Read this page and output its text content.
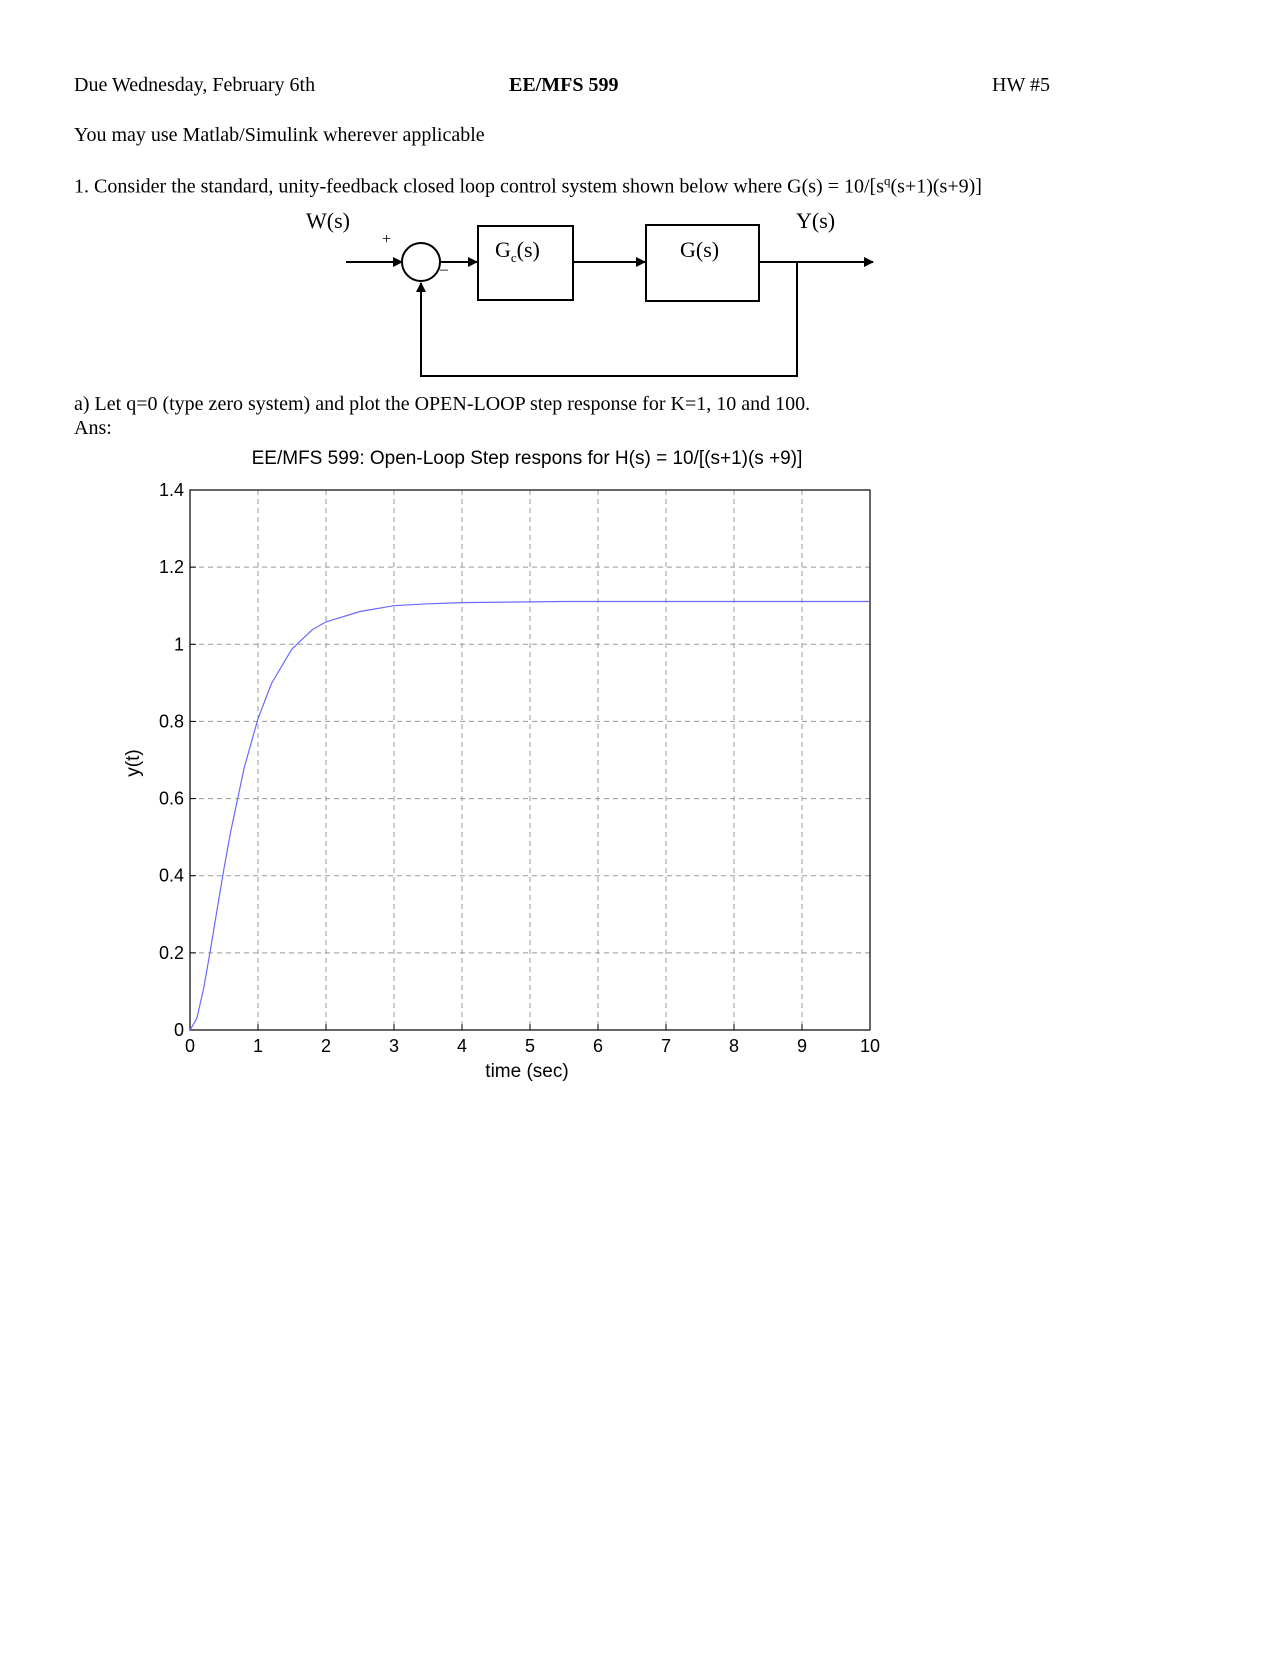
Due Wednesday, February 6th	EE/MFS 599	HW #5
You may use Matlab/Simulink wherever applicable
1. Consider the standard, unity-feedback closed loop control system shown below where $G(s) = 10/[s^q(s+1)(s+9)]$
W(s)	Y(s)
+
–
$G_c(s)$	G(s)
a) Let q=0 (type zero system) and plot the OPEN-LOOP step response for K=1, 10 and 100.
Ans:
EE/MFS 599: Open-Loop Step respons for H(s) = 10/[(s+1)(s +9)]
0	1	2	3	4	5	6	7	8	9	10
0
0.2
0.4
0.6
0.8
1
1.2
1.4
time (sec)
y(t)
